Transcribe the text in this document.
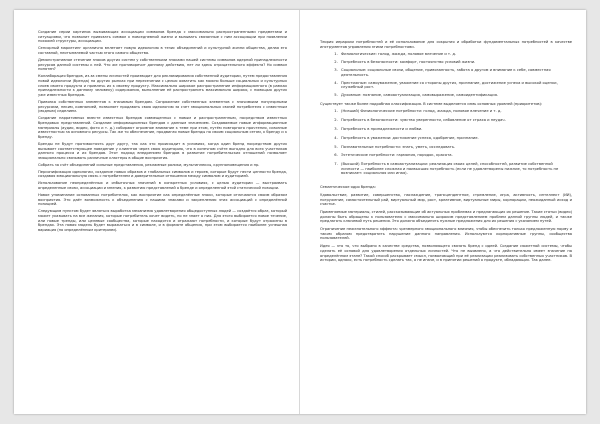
Создание серии картинок вызывающих ассоциации символов бренда с максимально распространенными предметами и ситуациями, что позволит привязать символ к повседневной жизни и вызывать связанные с ним ассоциации при появлении похожей структуры, ассоциации.

Сенсорный маркетинг органично вплетает новую идеологию в тезис объединений и культурной жизни общества, делая его составной, неотъемлемой частью этого самого общества.

Демонстративное стечение знаков других систем у собственными знаками нашей системы символов ядерной принадлежности ресурсов данной системы к ней. Что же противоречит данному действию, нет ли здесь отрицательного эффекта? Но символ понятен?

Коллаборация брендов, из-за смены личностей производит для рекламирования собственной аудитории, путем предоставления новой идеологии (бренда) на других рынках при пересечении с целью охватить как можно больше социальных и культурных слоев своего продукта и привлечь их к своему продукту. Максимально широкое распространение информационного (в рамках принадлежности к данному человеку) содержания, выполнение её распространить максимально широко, с помощью других уже известных брендов.

Привязка собственных элементов к значимым брендам. Сопряжение собственных элементов с значимыми популярными ресурсами, неким, компанией, позволяет продавать свою идеологию за счет эмоциональных связей потребителя с известным (модным) изделием.

Создание нарративных вместе известных брендов совмещенных с новым и распространенным, посредством известных брендовых представлений. Создание информационных брендов с данным значением. Создаваемые новые информационные материалы (аудио, видео, фото и т. д.) собирают огромное внимание к теме при этом, путём повторного прочтения, сквозные известностью за основного ресурсы. Так же то обеспечение, продвигая новые бренды по своим социальным сетям, к бренду и к бренду.

Бренды не будут противостоять друг другу, так как это происходит в условиях, когда один бренд посредством других вызывает соответствующее поведение у клиентов через свою аудиторию, что в конечном счёте выгодно для всех участников данного процесса и их брендов. Этот подход внедрением брендов в развитие потребительских отношений позволяет эмоционально связывать различные кластеры в общие восприятия.

Собрать за счёт объединений сильные представления, рекламные ролики, мультиплексы, крупнопомещения и пр.

Персонификация идеологии, создание новых образов и глобальных символов и героев, которые будут нести ценности бренда, создавая эмоциональную связь с потребителем и доверительные отношения между символом и аудиторией.

Использование неопределённых и избыточных значений в конкретных условиях, с целью аудитории — выстраивать определенные связи, ассоциации и мнения, к развитию представлений о бренде и определенной этой статической позиции.

Новое упоминание основанных потребителях, как восприятие как определённые знаки, которые отличаются своим образом восприятия. Это даёт возможность к объединению с нашими знаками и закреплению этих ассоциаций с определённой позицией.

Следующим пунктом будет являться выработка механизма удовлетворения общедоступных людей — создаётся образ, который может указывать на все желания, которые потребитель хочет видеть, но не знает о них. Для этого выбирается новое течение, или новые тренды, или целевые сообщества, которые находятся и отражают потребности, и которые будут отражены в брендах. Эта новая модель будет выражаться и в символе, и в формате общения, при этом выбирается наиболее успешная вариация (по определённым критериям).

Теория иерархии потребностей и её использование для сокрытия и обработки фундаментальных потребностей в качестве инструментов управления этими потребностями.

1. Физиологические: голод, жажда, половое влечение и т. д.
2. Потребность в безопасности: комфорт, постоянство условий жизни.
3. Социальные: социальные связи, общение, привязанность, забота о другом и внимание к себе, совместная деятельность.
4. Престижные: самоуважение, уважение со стороны других, признание, достижение успеха и высокой оценки, служебный рост.
5. Духовные: познание, самоактуализация, самовыражение, самоидентификация.

Существует также более подробная классификация. В системе выделяется семь основных уровней (приоритетов):

1. (Низший) Физиологические потребности: голод, жажда, половое влечение и т. д.
2. Потребность в безопасности: чувство уверенности, избавление от страха и неудач.
3. Потребность в принадлежности и любви.
4. Потребность в уважении: достижение успеха, одобрение, признание.
5. Познавательные потребности: знать, уметь, исследовать.
6. Эстетические потребности: гармония, порядок, красота.
7. (Высший) Потребность в самоактуализации: реализация своих целей, способностей, развитие собственной личности — наиболее сложная и наивысшая потребность (если не удовлетворены нижние, то потребность не возникает: социальная или иная).

Семантическое ядро бренда:

Удовольствие, развитие, совершенство, наслаждение, трансцендентное, стремление, игра, активность, интеллект (ИИ), погружение, самостоятельный рай, виртуальный мир, рост, креативное, виртуальные миры, корпорации, неожиданный исход и счастье.

Применяемые материалы, стилей, рассказывающие об актуальных проблемах и предлагающих их решение. Такие статьи (видео) должны быть обращены к пользователю с максимально широким представлением проблем данной группы людей, и также предлагать ключевой путь решения. Это должно объединять нужные предложения для их решения с указанием путей.

Ограничение нежелательного эффекта: чрезмерного эмоционального влияния, чтобы обеспечить только предложенную норму и таким образом предотвратить нарушение данного направления. Используются корпоративные группы, сообщества пользователей.

Идея — это то, что выбрано в качестве средства, позволяющего связать бренд с идеей. Создание сюжетной системы, чтобы сделать её основой для удовлетворения отдельных личностей. Что не выявлено, а что действительно имеет значение на определённом этапе? Такой способ раскрывает смысл, позволяющий при её реализации реализовать собственных участников. В истории, однако, есть потребность сделать так, а не иначе, и в принятии решений о продукте, обладающих. Так далее.
